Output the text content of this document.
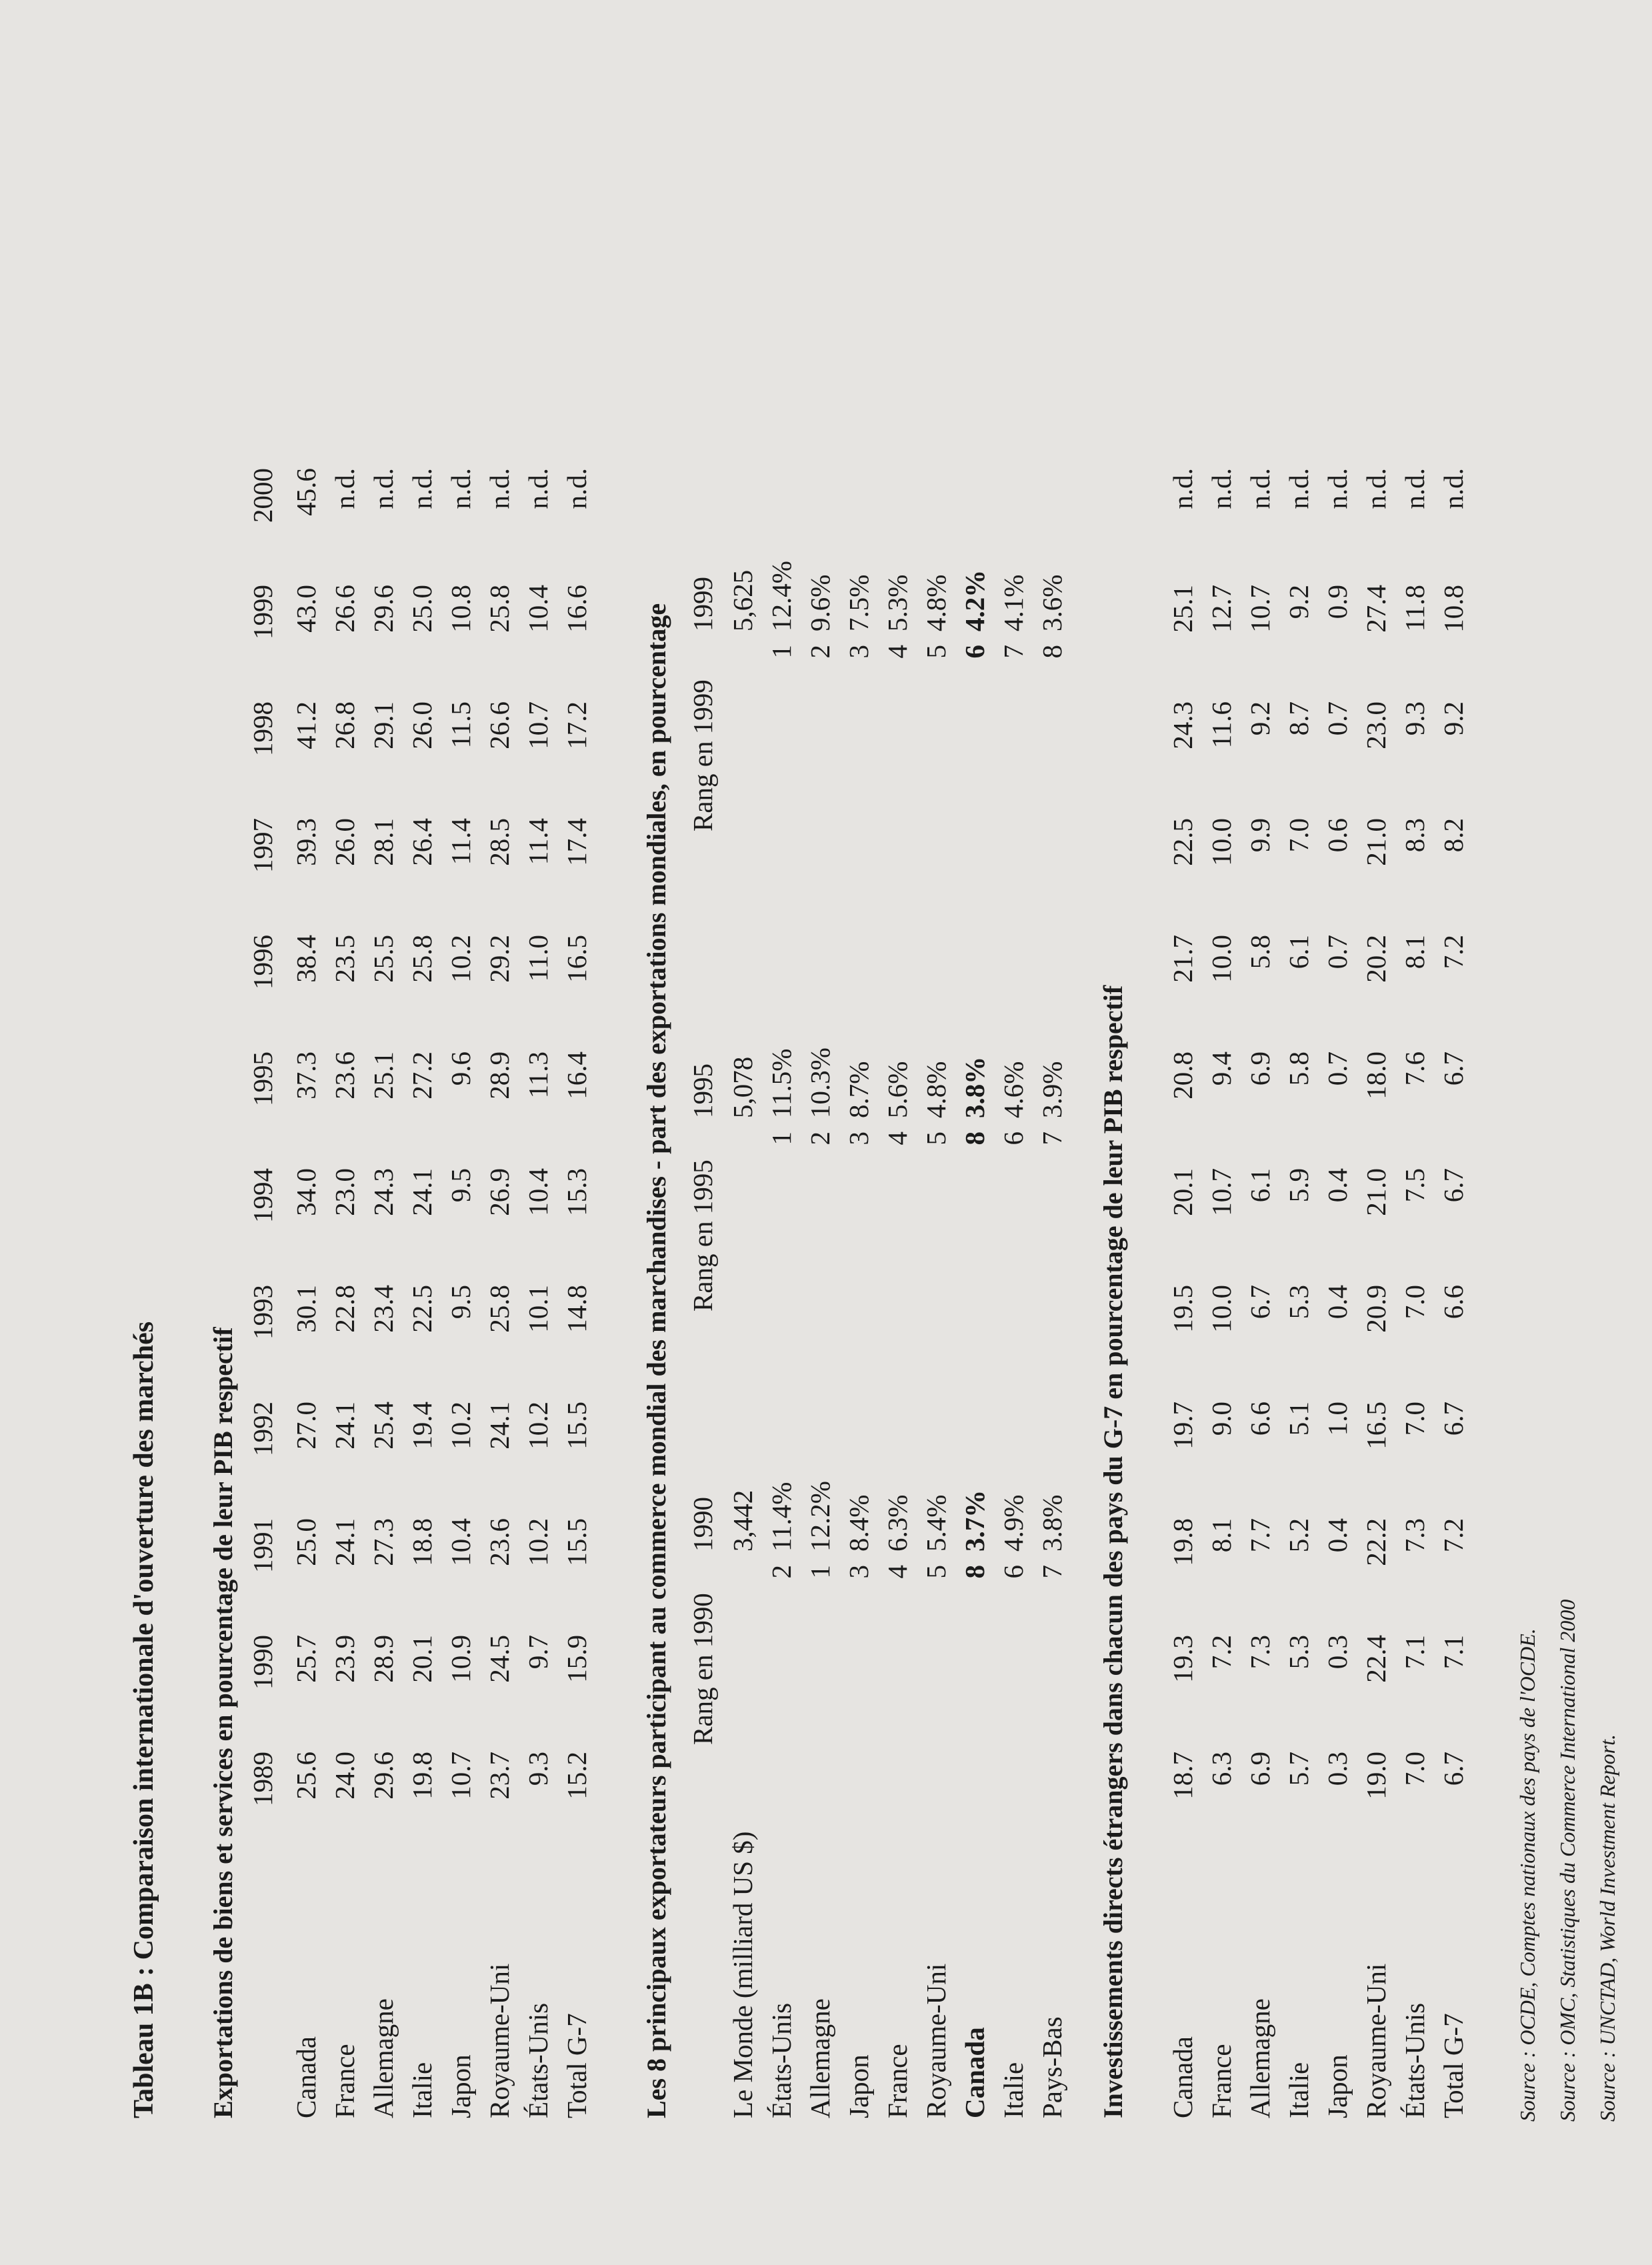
Tableau 1B : Comparaison internationale d'ouverture des marchés Exportations de biens et services en pourcentage de leur PIB respectif 1989
1990
1991
1992
1993
1994
1995
1996
1997
1998
1999
2000
Canada
25.6
25.7
25.0
27.0
30.1
34.0
37.3
38.4
39.3
41.2
43.0
45.6
France
24.0
23.9
24.1
24.1
22.8
23.0
23.6
23.5
26.0
26.8
26.6
n.d.
Allemagne
29.6
28.9
27.3
25.4
23.4
24.3
25.1
25.5
28.1
29.1
29.6
n.d.
Italie
19.8
20.1
18.8
19.4
22.5
24.1
27.2
25.8
26.4
26.0
25.0
n.d.
Japon
10.7
10.9
10.4
10.2
9.5
9.5
9.6
10.2
11.4
11.5
10.8
n.d.
Royaume-Uni
23.7
24.5
23.6
24.1
25.8
26.9
28.9
29.2
28.5
26.6
25.8
n.d.
États-Unis
9.3
9.7
10.2
10.2
10.1
10.4
11.3
11.0
11.4
10.7
10.4
n.d.
Total G-7
15.2
15.9
15.5
15.5
14.8
15.3
16.4
16.5
17.4
17.2
16.6
n.d.
Les 8 principaux exportateurs participant au commerce mondial des marchandises - part des exportations mondiales, en pourcentage Rang en 1990
1990
Rang en 1995
1995
Rang en 1999
1999
Le Monde (milliard US $)
3,442
5,078
5,625
États-Unis
2
11.4%
1
11.5%
1
12.4%
Allemagne
1
12.2%
2
10.3%
2
9.6%
Japon
3
8.4%
3
8.7%
3
7.5%
France
4
6.3%
4
5.6%
4
5.3%
Royaume-Uni
5
5.4%
5
4.8%
5
4.8%
Canada
8
3.7%
8
3.8%
6
4.2%
Italie
6
4.9%
6
4.6%
7
4.1%
Pays-Bas
7
3.8%
7
3.9%
8
3.6%
Investissements directs étrangers dans chacun des pays du G-7 en pourcentage de leur PIB respectif Canada
18.7
19.3
19.8
19.7
19.5
20.1
20.8
21.7
22.5
24.3
25.1
n.d.
France
6.3
7.2
8.1
9.0
10.0
10.7
9.4
10.0
10.0
11.6
12.7
n.d.
Allemagne
6.9
7.3
7.7
6.6
6.7
6.1
6.9
5.8
9.9
9.2
10.7
n.d.
Italie
5.7
5.3
5.2
5.1
5.3
5.9
5.8
6.1
7.0
8.7
9.2
n.d.
Japon
0.3
0.3
0.4
1.0
0.4
0.4
0.7
0.7
0.6
0.7
0.9
n.d.
Royaume-Uni
19.0
22.4
22.2
16.5
20.9
21.0
18.0
20.2
21.0
23.0
27.4
n.d.
États-Unis
7.0
7.1
7.3
7.0
7.0
7.5
7.6
8.1
8.3
9.3
11.8
n.d.
Total G-7
6.7
7.1
7.2
6.7
6.6
6.7
6.7
7.2
8.2
9.2
10.8
n.d.
Source : OCDE, Comptes nationaux des pays de l'OCDE. Source : OMC, Statistiques du Commerce International 2000 Source : UNCTAD, World Investment Report.
